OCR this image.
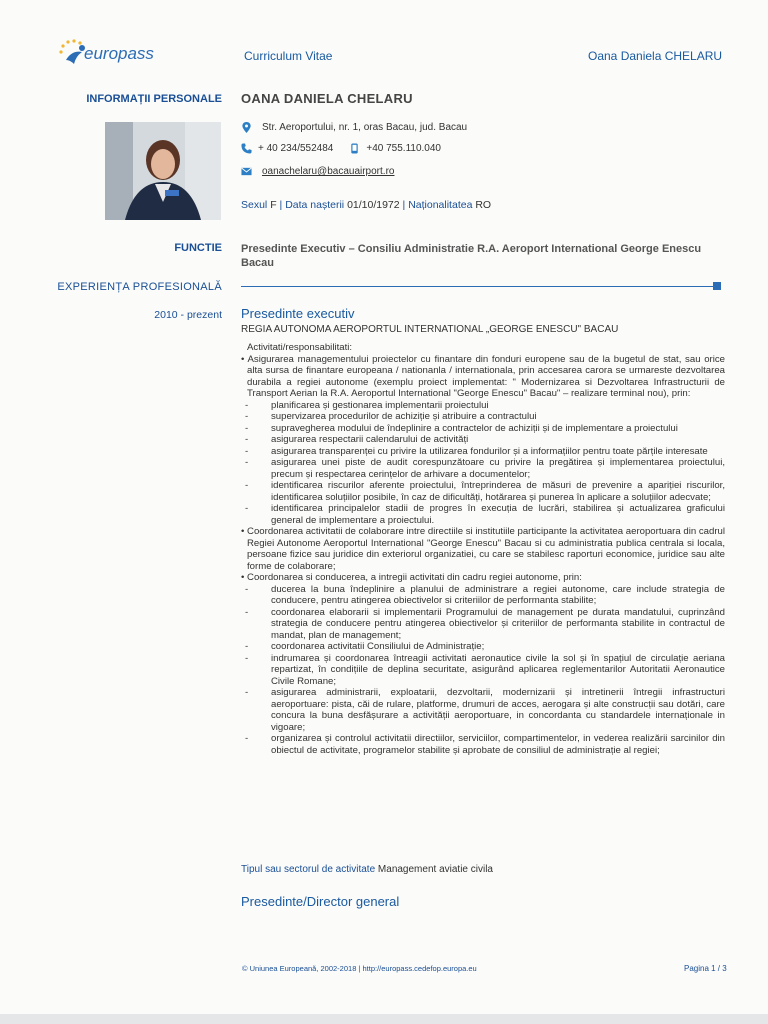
europass	Curriculum Vitae	Oana Daniela CHELARU
INFORMAȚII PERSONALE OANA DANIELA CHELARU
Str. Aeroportului, nr. 1, oras Bacau, jud. Bacau
+ 40 234/552484	+40 755.110.040
oanachelaru@bacauairport.ro
Sexul F | Data nașterii 01/10/1972 | Naționalitatea RO
FUNCTIE Presedinte Executiv – Consiliu Administratie R.A. Aeroport International George Enescu Bacau
EXPERIENȚA PROFESIONALĂ
2010 - prezent Presedinte executiv
REGIA AUTONOMA AEROPORTUL INTERNATIONAL „GEORGE ENESCU" BACAU

Activitati/responsabilitati:

• Asigurarea managementului proiectelor cu finantare din fonduri europene sau de la bugetul de stat, sau orice alta sursa de finantare europeana / nationanla / internationala, prin accesarea carora se urmareste dezvoltarea durabila a regiei autonome (exemplu proiect implementat: " Modernizarea si Dezvoltarea Infrastructurii de Transport Aerian la R.A. Aeroportul International "George Enescu" Bacau" – realizare terminal nou), prin:

-	planificarea și gestionarea implementarii proiectului
-	supervizarea procedurilor de achiziție și atribuire a contractului
-	supravegherea modului de îndeplinire a contractelor de achiziții și de implementare a proiectului
-	asigurarea respectarii calendarului de activități
-	asigurarea transparenței cu privire la utilizarea fondurilor și a informațiilor pentru toate părțile interesate
-	asigurarea unei piste de audit corespunzătoare cu privire la pregătirea și implementarea proiectului, precum și respectarea cerințelor de arhivare a documentelor;
-	identificarea riscurilor aferente proiectului, întreprinderea de măsuri de prevenire a apariției riscurilor, identificarea soluțiilor posibile, în caz de dificultăți, hotărarea și punerea în aplicare a soluțiilor adecvate;
-	identificarea principalelor stadii de progres în execuția de lucrări, stabilirea și actualizarea graficului general de implementare a proiectului.

• Coordonarea activitatii de colaborare intre directiile si institutiile participante la activitatea aeroportuara din cadrul Regiei Autonome Aeroportul International "George Enescu" Bacau si cu administratia publica centrala si locala, persoane fizice sau juridice din exteriorul organizatiei, cu care se stabilesc raporturi economice, juridice sau alte forme de colaborare;

• Coordonarea si conducerea, a intregii activitati din cadru regiei autonome, prin:

-	ducerea la buna îndeplinire a planului de administrare a regiei autonome, care include strategia de conducere, pentru atingerea obiectivelor si criteriilor de performanta stabilite;
-	coordonarea elaborarii si implementarii Programului de management pe durata mandatului, cuprinzând strategia de conducere pentru atingerea obiectivelor și criteriilor de performanta stabilite in contractul de mandat, plan de management;
-	coordonarea activitatii Consiliului de Administrație;
-	indrumarea și coordonarea întreagii activitati aeronautice civile la sol și în spațiul de circulație aeriana repartizat, în condițiile de deplina securitate, asigurând aplicarea reglementarilor Autoritatii Aeronautice Civile Romane;
-	asigurarea administrarii, exploatarii, dezvoltarii, modernizarii și intretinerii întregii infrastructuri aeroportuare: pista, căi de rulare, platforme, drumuri de acces, aerogara și alte construcții sau dotări, care concura la buna desfășurare a activității aeroportuare, in concordanta cu standardele internaționale in vigoare;
-	organizarea și controlul activitatii directiilor, serviciilor, compartimentelor, in vederea realizării sarcinilor din obiectul de activitate, programelor stabilite și aprobate de consiliul de administrație al regiei;
Tipul sau sectorul de activitate Management aviatie civila
Presedinte/Director general
© Uniunea Europeană, 2002-2018 | http://europass.cedefop.europa.eu	Pagina 1 / 3
